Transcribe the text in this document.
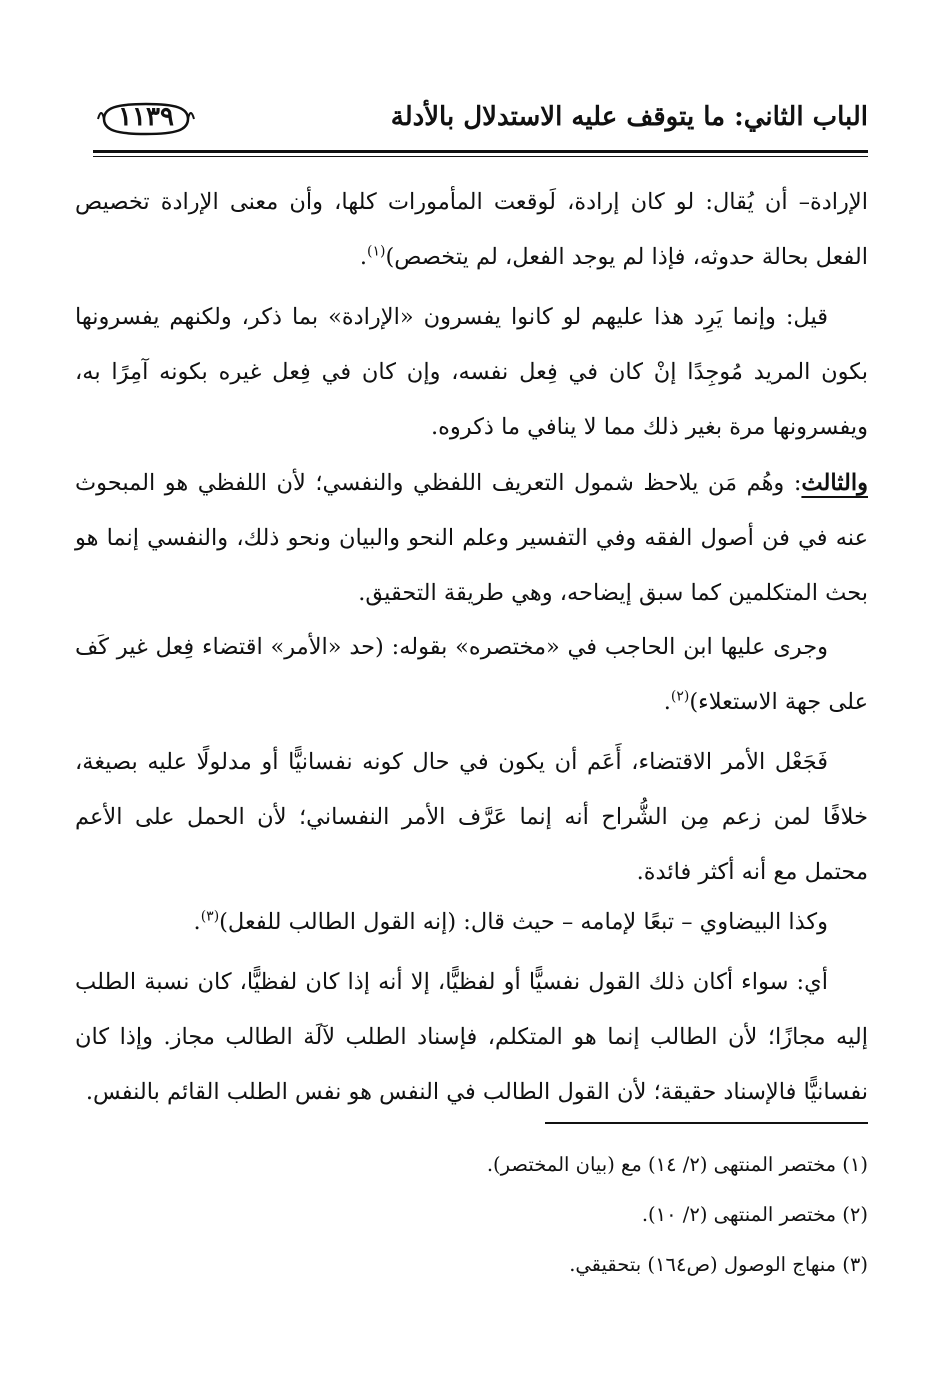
الباب الثاني: ما يتوقف عليه الاستدلال بالأدلة
١١٣٩

الإرادة– أن يُقال: لو كان إرادة، لَوقعت المأمورات كلها، وأن معنى الإرادة تخصيص الفعل بحالة حدوثه، فإذا لم يوجد الفعل، لم يتخصص)$^{(١)}$.

قيل: وإنما يَرِد هذا عليهم لو كانوا يفسرون «الإرادة» بما ذكر، ولكنهم يفسرونها بكون المريد مُوجِدًا إنْ كان في فِعل نفسه، وإن كان في فِعل غيره بكونه آمِرًا به، ويفسرونها مرة بغير ذلك مما لا ينافي ما ذكروه.

والثالث: وهُم مَن يلاحظ شمول التعريف اللفظي والنفسي؛ لأن اللفظي هو المبحوث عنه في فن أصول الفقه وفي التفسير وعلم النحو والبيان ونحو ذلك، والنفسي إنما هو بحث المتكلمين كما سبق إيضاحه، وهي طريقة التحقيق.

وجرى عليها ابن الحاجب في «مختصره» بقوله: (حد «الأمر» اقتضاء فِعل غير كَف على جهة الاستعلاء)$^{(٢)}$.

فَجَعْل الأمر الاقتضاء، أَعَم أن يكون في حال كونه نفسانيًّا أو مدلولًا عليه بصيغة، خلافًا لمن زعم مِن الشُّراح أنه إنما عَرَّف الأمر النفساني؛ لأن الحمل على الأعم محتمل مع أنه أكثر فائدة.

وكذا البيضاوي – تبعًا لإمامه – حيث قال: (إنه القول الطالب للفعل)$^{(٣)}$.

أي: سواء أكان ذلك القول نفسيًّا أو لفظيًّا، إلا أنه إذا كان لفظيًّا، كان نسبة الطلب إليه مجازًا؛ لأن الطالب إنما هو المتكلم، فإسناد الطلب لآلَة الطالب مجاز. وإذا كان نفسانيًّا فالإسناد حقيقة؛ لأن القول الطالب في النفس هو نفس الطلب القائم بالنفس.

(١) مختصر المنتهى (٢/ ١٤) مع (بيان المختصر).

(٢) مختصر المنتهى (٢/ ١٠).

(٣) منهاج الوصول (ص١٦٤) بتحقيقي.
